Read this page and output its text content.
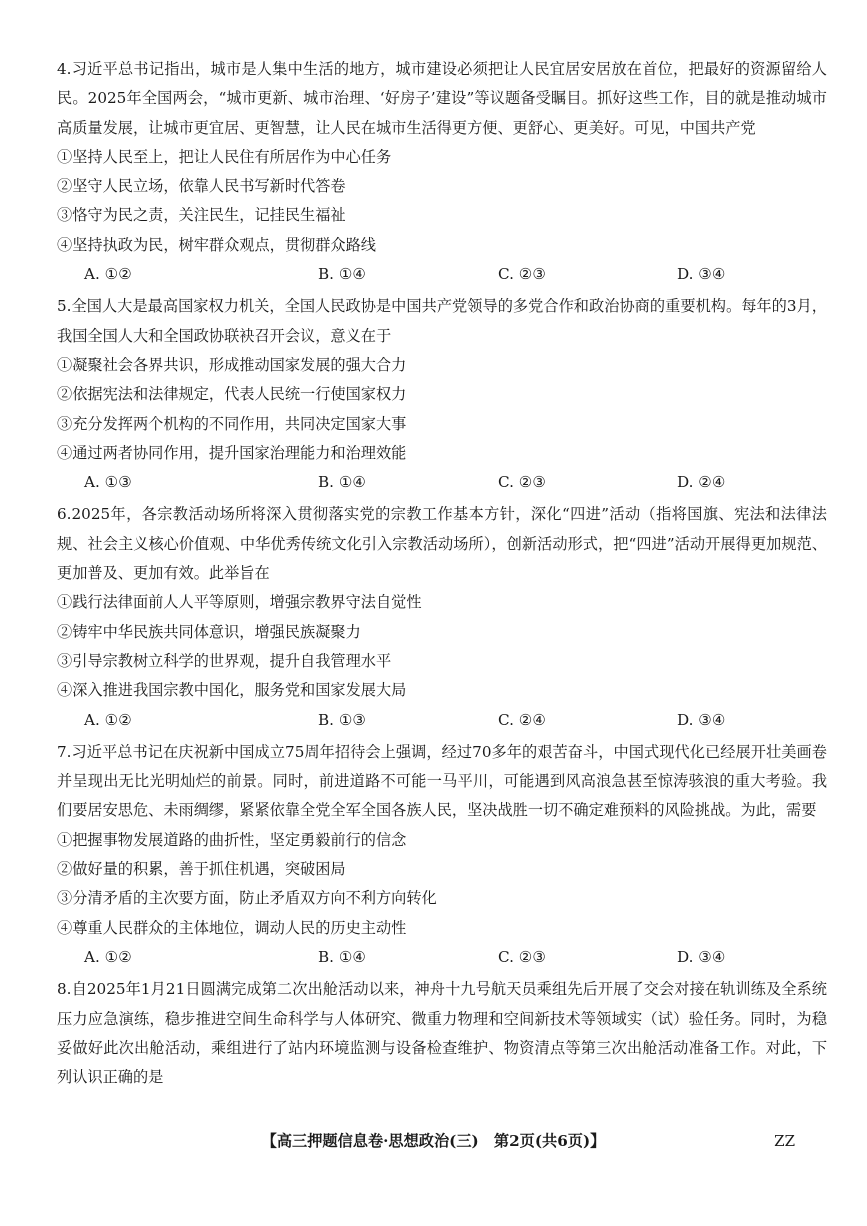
4.习近平总书记指出，城市是人集中生活的地方，城市建设必须把让人民宜居安居放在首位，把最好的资源留给人民。2025年全国两会，“城市更新、城市治理、‘好房子’建设”等议题备受瞩目。抓好这些工作，目的就是推动城市高质量发展，让城市更宜居、更智慧，让人民在城市生活得更方便、更舒心、更美好。可见，中国共产党
①坚持人民至上，把让人民住有所居作为中心任务
②坚守人民立场，依靠人民书写新时代答卷
③恪守为民之责，关注民生，记挂民生福祉
④坚持执政为民，树牢群众观点，贯彻群众路线
A. ①②	B. ①④	C. ②③	D. ③④
5.全国人大是最高国家权力机关，全国人民政协是中国共产党领导的多党合作和政治协商的重要机构。每年的3月，我国全国人大和全国政协联袂召开会议，意义在于
①凝聚社会各界共识，形成推动国家发展的强大合力
②依据宪法和法律规定，代表人民统一行使国家权力
③充分发挥两个机构的不同作用，共同决定国家大事
④通过两者协同作用，提升国家治理能力和治理效能
A. ①③	B. ①④	C. ②③	D. ②④
6.2025年，各宗教活动场所将深入贯彻落实党的宗教工作基本方针，深化“四进”活动（指将国旗、宪法和法律法规、社会主义核心价值观、中华优秀传统文化引入宗教活动场所），创新活动形式，把“四进”活动开展得更加规范、更加普及、更加有效。此举旨在
①践行法律面前人人平等原则，增强宗教界守法自觉性
②铸牢中华民族共同体意识，增强民族凝聚力
③引导宗教树立科学的世界观，提升自我管理水平
④深入推进我国宗教中国化，服务党和国家发展大局
A. ①②	B. ①③	C. ②④	D. ③④
7.习近平总书记在庆祝新中国成立75周年招待会上强调，经过70多年的艰苦奋斗，中国式现代化已经展开壮美画卷并呈现出无比光明灿烂的前景。同时，前进道路不可能一马平川，可能遇到风高浪急甚至惊涛骇浪的重大考验。我们要居安思危、未雨绸缪，紧紧依靠全党全军全国各族人民，坚决战胜一切不确定难预料的风险挑战。为此，需要
①把握事物发展道路的曲折性，坚定勇毅前行的信念
②做好量的积累，善于抓住机遇，突破困局
③分清矛盾的主次要方面，防止矛盾双方向不利方向转化
④尊重人民群众的主体地位，调动人民的历史主动性
A. ①②	B. ①④	C. ②③	D. ③④
8.自2025年1月21日圆满完成第二次出舱活动以来，神舟十九号航天员乘组先后开展了交会对接在轨训练及全系统压力应急演练，稳步推进空间生命科学与人体研究、微重力物理和空间新技术等领域实（试）验任务。同时，为稳妥做好此次出舱活动，乘组进行了站内环境监测与设备检查维护、物资清点等第三次出舱活动准备工作。对此，下列认识正确的是
【高三押题信息卷·思想政治(三)　第2页(共6页)】	ZZ
